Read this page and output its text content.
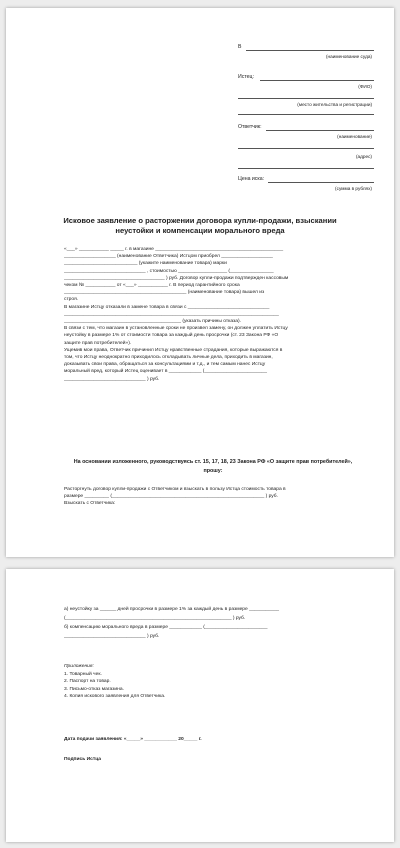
В
(наименование суда)
Истец:
(ФИО)
(место жительства и регистрации)
Ответчик:
(наименование)
(адрес)
Цена иска:
(сумма в рублях)
Исковое заявление о расторжении договора купли-продажи, взыскании неустойки и компенсации морального вреда
«___» ___________ _____ г. в магазине _______________________________________________
___________________ (наименование Ответчика) Истцом приобрел ___________________
___________________________ (укажите наименование товара) марки
______________________________ , стоимостью __________________ (________________
_____________________________________ ) руб. Договор купли-продажи подтвержден кассовым
чеком № ___________ от «___» ___________ г. В период гарантийного срока
_____________________________________________ (наименование товара) вышел из
строя.
В магазине Истцу отказали в замене товара в связи с ______________________________
_______________________________________________________________________________
___________________________________________ (указать причины отказа).
В связи с тем, что магазин в установленные сроки не произвел замену, он должен уплатить Истцу
неустойку в размере 1% от стоимости товара за каждый день просрочки (ст. 23 Закона РФ «О
защите прав потребителей»).
Ущемив мои права, Ответчик причинил Истцу нравственные страдания, которые выражаются в
том, что Истцу неоднократно приходилось откладывать личные дела, приходить в магазин,
доказывать свои права, обращаться за консультациями и т.д., и тем самым нанес Истцу
моральный вред, который Истец оценивает в ____________ (_______________________
______________________________ ) руб.
На основании изложенного, руководствуясь ст. 15, 17, 18, 23 Закона РФ «О защите прав потребителей», прошу:
Расторгнуть договор купли-продажи с Ответчиком и взыскать в пользу Истца стоимость товара в
размере _________ (________________________________________________________ ) руб.
Взыскать с Ответчика:
а) неустойку за ______ дней просрочки в размере 1% за каждый день в размере ___________
(_____________________________________________________________ ) руб.
б) компенсацию морального вреда в размере ____________ (_______________________
______________________________ ) руб.
Приложения:
1. Товарный чек.
2. Паспорт на товар.
3. Письмо-отказ магазина.
4. Копия искового заявления для Ответчика.
Дата подачи заявления: «_____» ____________ 20_____ г.
Подпись Истца
